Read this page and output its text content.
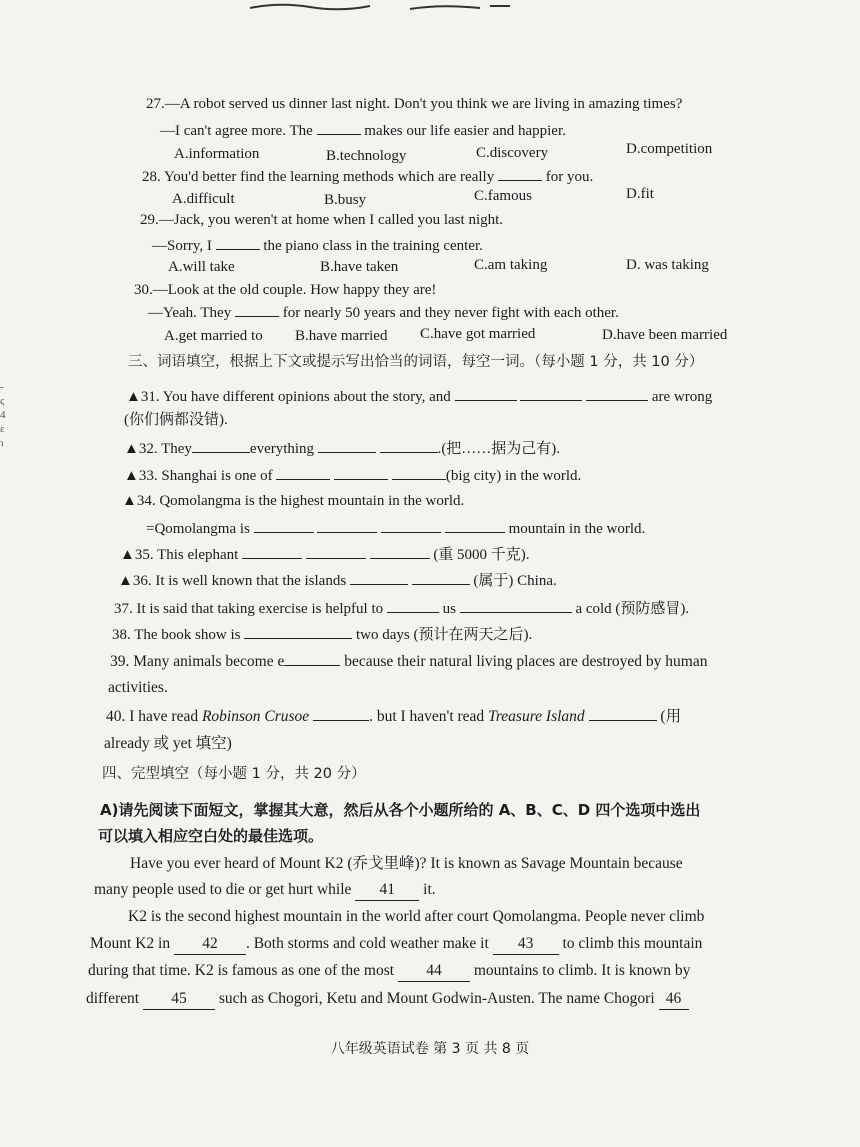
-
ς
4
ε
ɿ
27.—A robot served us dinner last night. Don't you think we are living in amazing times?
—I can't agree more. The	makes our life easier and happier.
A.information	B.technology	C.discovery	D.competition
28. You'd better find the learning methods which are really	for you.
A.difficult	B.busy	C.famous	D.fit
29.—Jack, you weren't at home when I called you last night.
—Sorry, I	the piano class in the training center.
A.will take	B.have taken	C.am taking	D. was taking
30.—Look at the old couple. How happy they are!
—Yeah. They	for nearly 50 years and they never fight with each other.
A.get married to B.have married C.have got married	D.have been married
三、词语填空，根据上下文或提示写出恰当的词语，每空一词。（每小题 1 分，共 10 分）
▲31. You have different opinions about the story, and	are wrong
(你们俩都没错).
▲32. They	everything	.(把……据为己有).
▲33. Shanghai is one of	(big city) in the world.
▲34. Qomolangma is the highest mountain in the world.
=Qomolangma is	mountain in the world.
▲35. This elephant	(重 5000 千克).
▲36. It is well known that the islands	(属于) China.
37. It is said that taking exercise is helpful to	us	a cold (预防感冒).
38. The book show is	two days (预计在两天之后).
39. Many animals become e	because their natural living places are destroyed by human
activities.
40. I have read Robinson Crusoe	. but I haven't read Treasure Island	(用
already 或 yet 填空)
四、完型填空（每小题 1 分，共 20 分）
A)请先阅读下面短文，掌握其大意，然后从各个小题所给的 A、B、C、D 四个选项中选出
可以填入相应空白处的最佳选项。
Have you ever heard of Mount K2 (乔戈里峰)? It is known as Savage Mountain because
many people used to die or get hurt while 41 it.
K2 is the second highest mountain in the world after court Qomolangma. People never climb
Mount K2 in 42 . Both storms and cold weather make it 43 to climb this mountain
during that time. K2 is famous as one of the most 44 mountains to climb. It is known by
different 45 such as Chogori, Ketu and Mount Godwin-Austen. The name Chogori 46
八年级英语试卷 第 3 页 共 8 页
